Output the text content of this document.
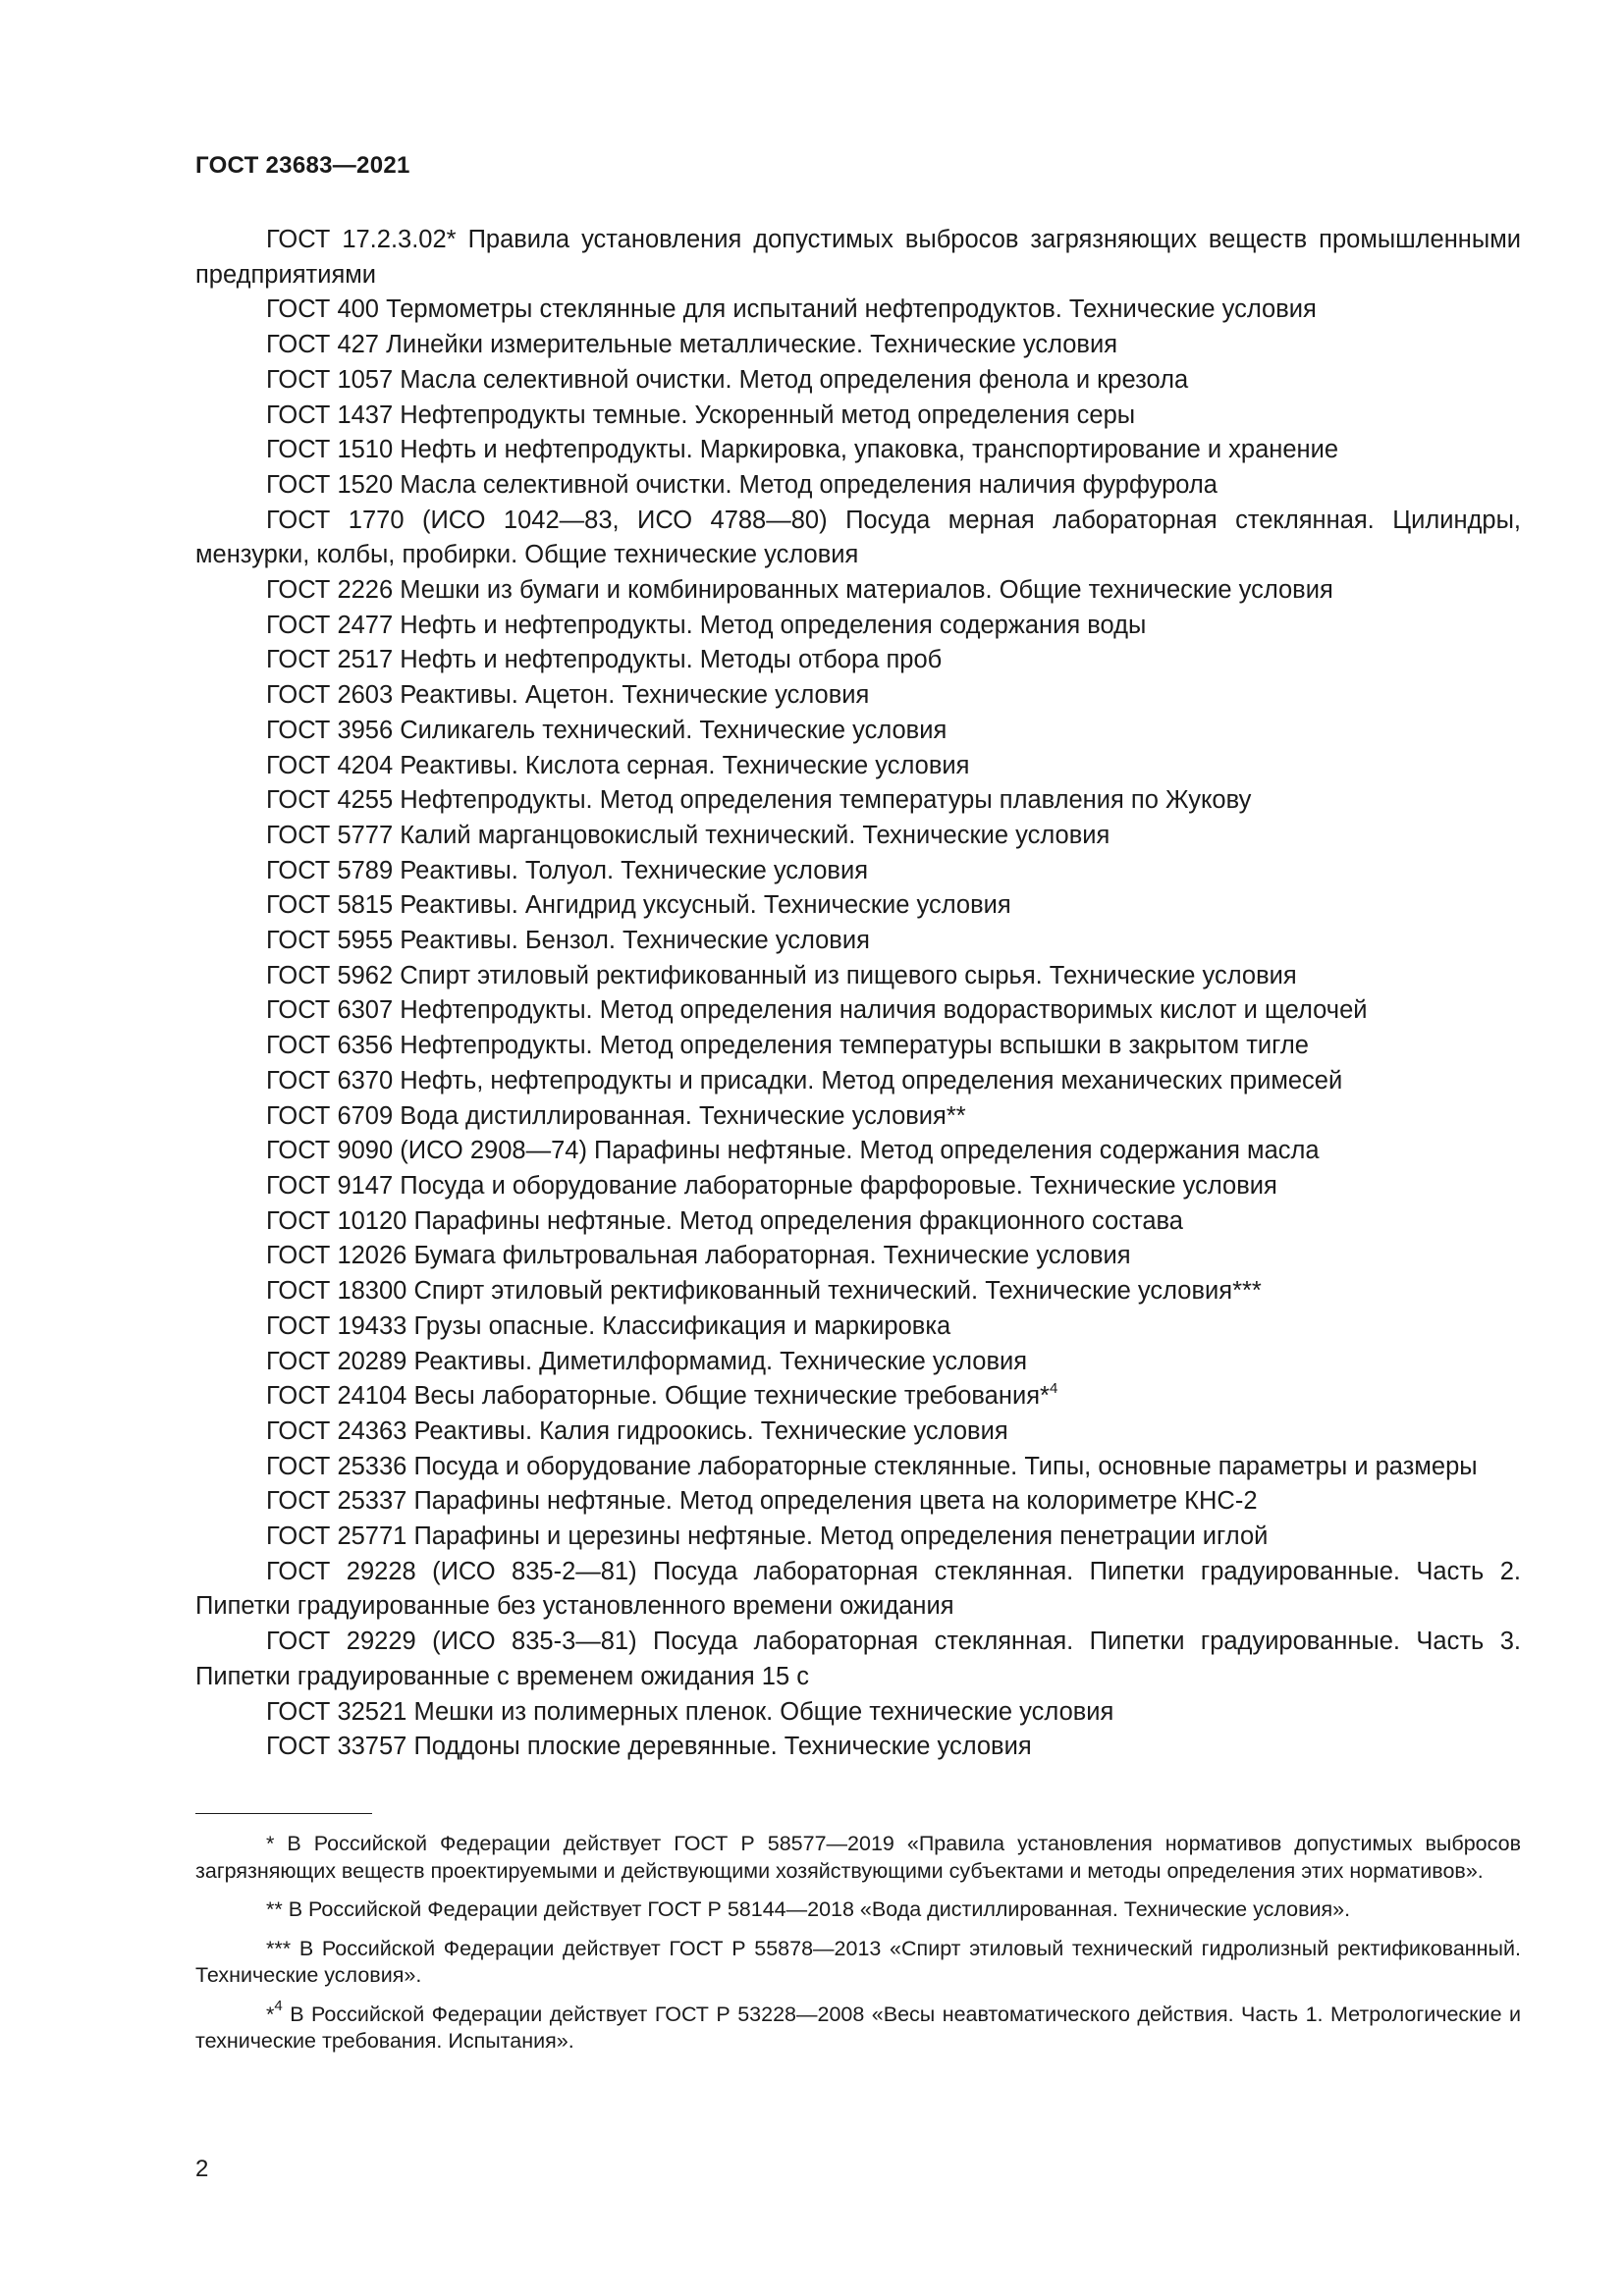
ГОСТ 23683—2021

ГОСТ 17.2.3.02* Правила установления допустимых выбросов загрязняющих веществ промышленными предприятиями

ГОСТ 400 Термометры стеклянные для испытаний нефтепродуктов. Технические условия

ГОСТ 427 Линейки измерительные металлические. Технические условия

ГОСТ 1057 Масла селективной очистки. Метод определения фенола и крезола

ГОСТ 1437 Нефтепродукты темные. Ускоренный метод определения серы

ГОСТ 1510 Нефть и нефтепродукты. Маркировка, упаковка, транспортирование и хранение

ГОСТ 1520 Масла селективной очистки. Метод определения наличия фурфурола

ГОСТ 1770 (ИСО 1042—83, ИСО 4788—80) Посуда мерная лабораторная стеклянная. Цилиндры, мензурки, колбы, пробирки. Общие технические условия

ГОСТ 2226 Мешки из бумаги и комбинированных материалов. Общие технические условия

ГОСТ 2477 Нефть и нефтепродукты. Метод определения содержания воды

ГОСТ 2517 Нефть и нефтепродукты. Методы отбора проб

ГОСТ 2603 Реактивы. Ацетон. Технические условия

ГОСТ 3956 Силикагель технический. Технические условия

ГОСТ 4204 Реактивы. Кислота серная. Технические условия

ГОСТ 4255 Нефтепродукты. Метод определения температуры плавления по Жукову

ГОСТ 5777 Калий марганцовокислый технический. Технические условия

ГОСТ 5789 Реактивы. Толуол. Технические условия

ГОСТ 5815 Реактивы. Ангидрид уксусный. Технические условия

ГОСТ 5955 Реактивы. Бензол. Технические условия

ГОСТ 5962 Спирт этиловый ректификованный из пищевого сырья. Технические условия

ГОСТ 6307 Нефтепродукты. Метод определения наличия водорастворимых кислот и щелочей

ГОСТ 6356 Нефтепродукты. Метод определения температуры вспышки в закрытом тигле

ГОСТ 6370 Нефть, нефтепродукты и присадки. Метод определения механических примесей

ГОСТ 6709 Вода дистиллированная. Технические условия**

ГОСТ 9090 (ИСО 2908—74) Парафины нефтяные. Метод определения содержания масла

ГОСТ 9147 Посуда и оборудование лабораторные фарфоровые. Технические условия

ГОСТ 10120 Парафины нефтяные. Метод определения фракционного состава

ГОСТ 12026 Бумага фильтровальная лабораторная. Технические условия

ГОСТ 18300 Спирт этиловый ректификованный технический. Технические условия***

ГОСТ 19433 Грузы опасные. Классификация и маркировка

ГОСТ 20289 Реактивы. Диметилформамид. Технические условия

ГОСТ 24104 Весы лабораторные. Общие технические требования*$^4$

ГОСТ 24363 Реактивы. Калия гидроокись. Технические условия

ГОСТ 25336 Посуда и оборудование лабораторные стеклянные. Типы, основные параметры и размеры

ГОСТ 25337 Парафины нефтяные. Метод определения цвета на колориметре КНС-2

ГОСТ 25771 Парафины и церезины нефтяные. Метод определения пенетрации иглой

ГОСТ 29228 (ИСО 835-2—81) Посуда лабораторная стеклянная. Пипетки градуированные. Часть 2. Пипетки градуированные без установленного времени ожидания

ГОСТ 29229 (ИСО 835-3—81) Посуда лабораторная стеклянная. Пипетки градуированные. Часть 3. Пипетки градуированные с временем ожидания 15 с

ГОСТ 32521 Мешки из полимерных пленок. Общие технические условия

ГОСТ 33757 Поддоны плоские деревянные. Технические условия

* В Российской Федерации действует ГОСТ Р 58577—2019 «Правила установления нормативов допустимых выбросов загрязняющих веществ проектируемыми и действующими хозяйствующими субъектами и методы определения этих нормативов».

** В Российской Федерации действует ГОСТ Р 58144—2018 «Вода дистиллированная. Технические условия».

*** В Российской Федерации действует ГОСТ Р 55878—2013 «Спирт этиловый технический гидролизный ректификованный. Технические условия».

*$^4$ В Российской Федерации действует ГОСТ Р 53228—2008 «Весы неавтоматического действия. Часть 1. Метрологические и технические требования. Испытания».

2
